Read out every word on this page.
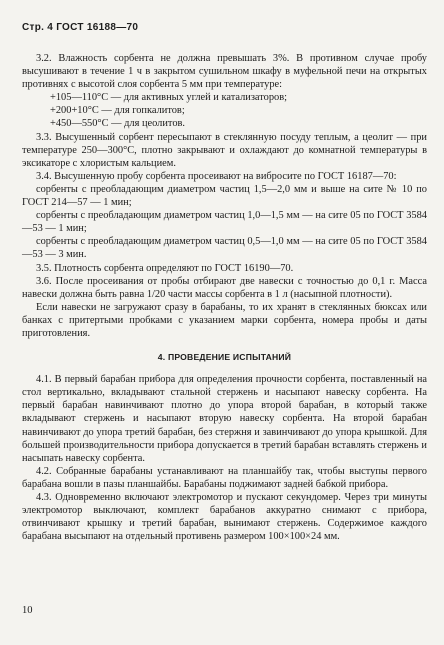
Стр. 4 ГОСТ 16188—70

3.2. Влажность сорбента не должна превышать 3%. В противном случае пробу высушивают в течение 1 ч в закрытом сушильном шкафу в муфельной печи на открытых противнях с высотой слоя сорбента 5 мм при температуре:

+105—110°C — для активных углей и катализаторов;

+200+10°C — для гопкалитов;

+450—550°C — для цеолитов.

3.3. Высушенный сорбент пересыпают в стеклянную посуду теплым, а цеолит — при температуре 250—300°C, плотно закрывают и охлаждают до комнатной температуры в эксикаторе с хлористым кальцием.

3.4. Высушенную пробу сорбента просеивают на вибросите по ГОСТ 16187—70:

сорбенты с преобладающим диаметром частиц 1,5—2,0 мм и выше на сите № 10 по ГОСТ 214—57 — 1 мин;

сорбенты с преобладающим диаметром частиц 1,0—1,5 мм — на сите 05 по ГОСТ 3584—53 — 1 мин;

сорбенты с преобладающим диаметром частиц 0,5—1,0 мм — на сите 05 по ГОСТ 3584—53 — 3 мин.

3.5. Плотность сорбента определяют по ГОСТ 16190—70.

3.6. После просеивания от пробы отбирают две навески с точностью до 0,1 г. Масса навески должна быть равна 1/20 части массы сорбента в 1 л (насыпной плотности).

Если навески не загружают сразу в барабаны, то их хранят в стеклянных бюксах или банках с притертыми пробками с указанием марки сорбента, номера пробы и даты приготовления.

4. ПРОВЕДЕНИЕ ИСПЫТАНИЙ

4.1. В первый барабан прибора для определения прочности сорбента, поставленный на стол вертикально, вкладывают стальной стержень и насыпают навеску сорбента. На первый барабан навинчивают плотно до упора второй барабан, в который также вкладывают стержень и насыпают вторую навеску сорбента. На второй барабан навинчивают до упора третий барабан, без стержня и завинчивают до упора крышкой. Для большей производительности прибора допускается в третий барабан вставлять стержень и насыпать навеску сорбента.

4.2. Собранные барабаны устанавливают на планшайбу так, чтобы выступы первого барабана вошли в пазы планшайбы. Барабаны поджимают задней бабкой прибора.

4.3. Одновременно включают электромотор и пускают секундомер. Через три минуты электромотор выключают, комплект барабанов аккуратно снимают с прибора, отвинчивают крышку и третий барабан, вынимают стержень. Содержимое каждого барабана высыпают на отдельный противень размером 100×100×24 мм.

10
